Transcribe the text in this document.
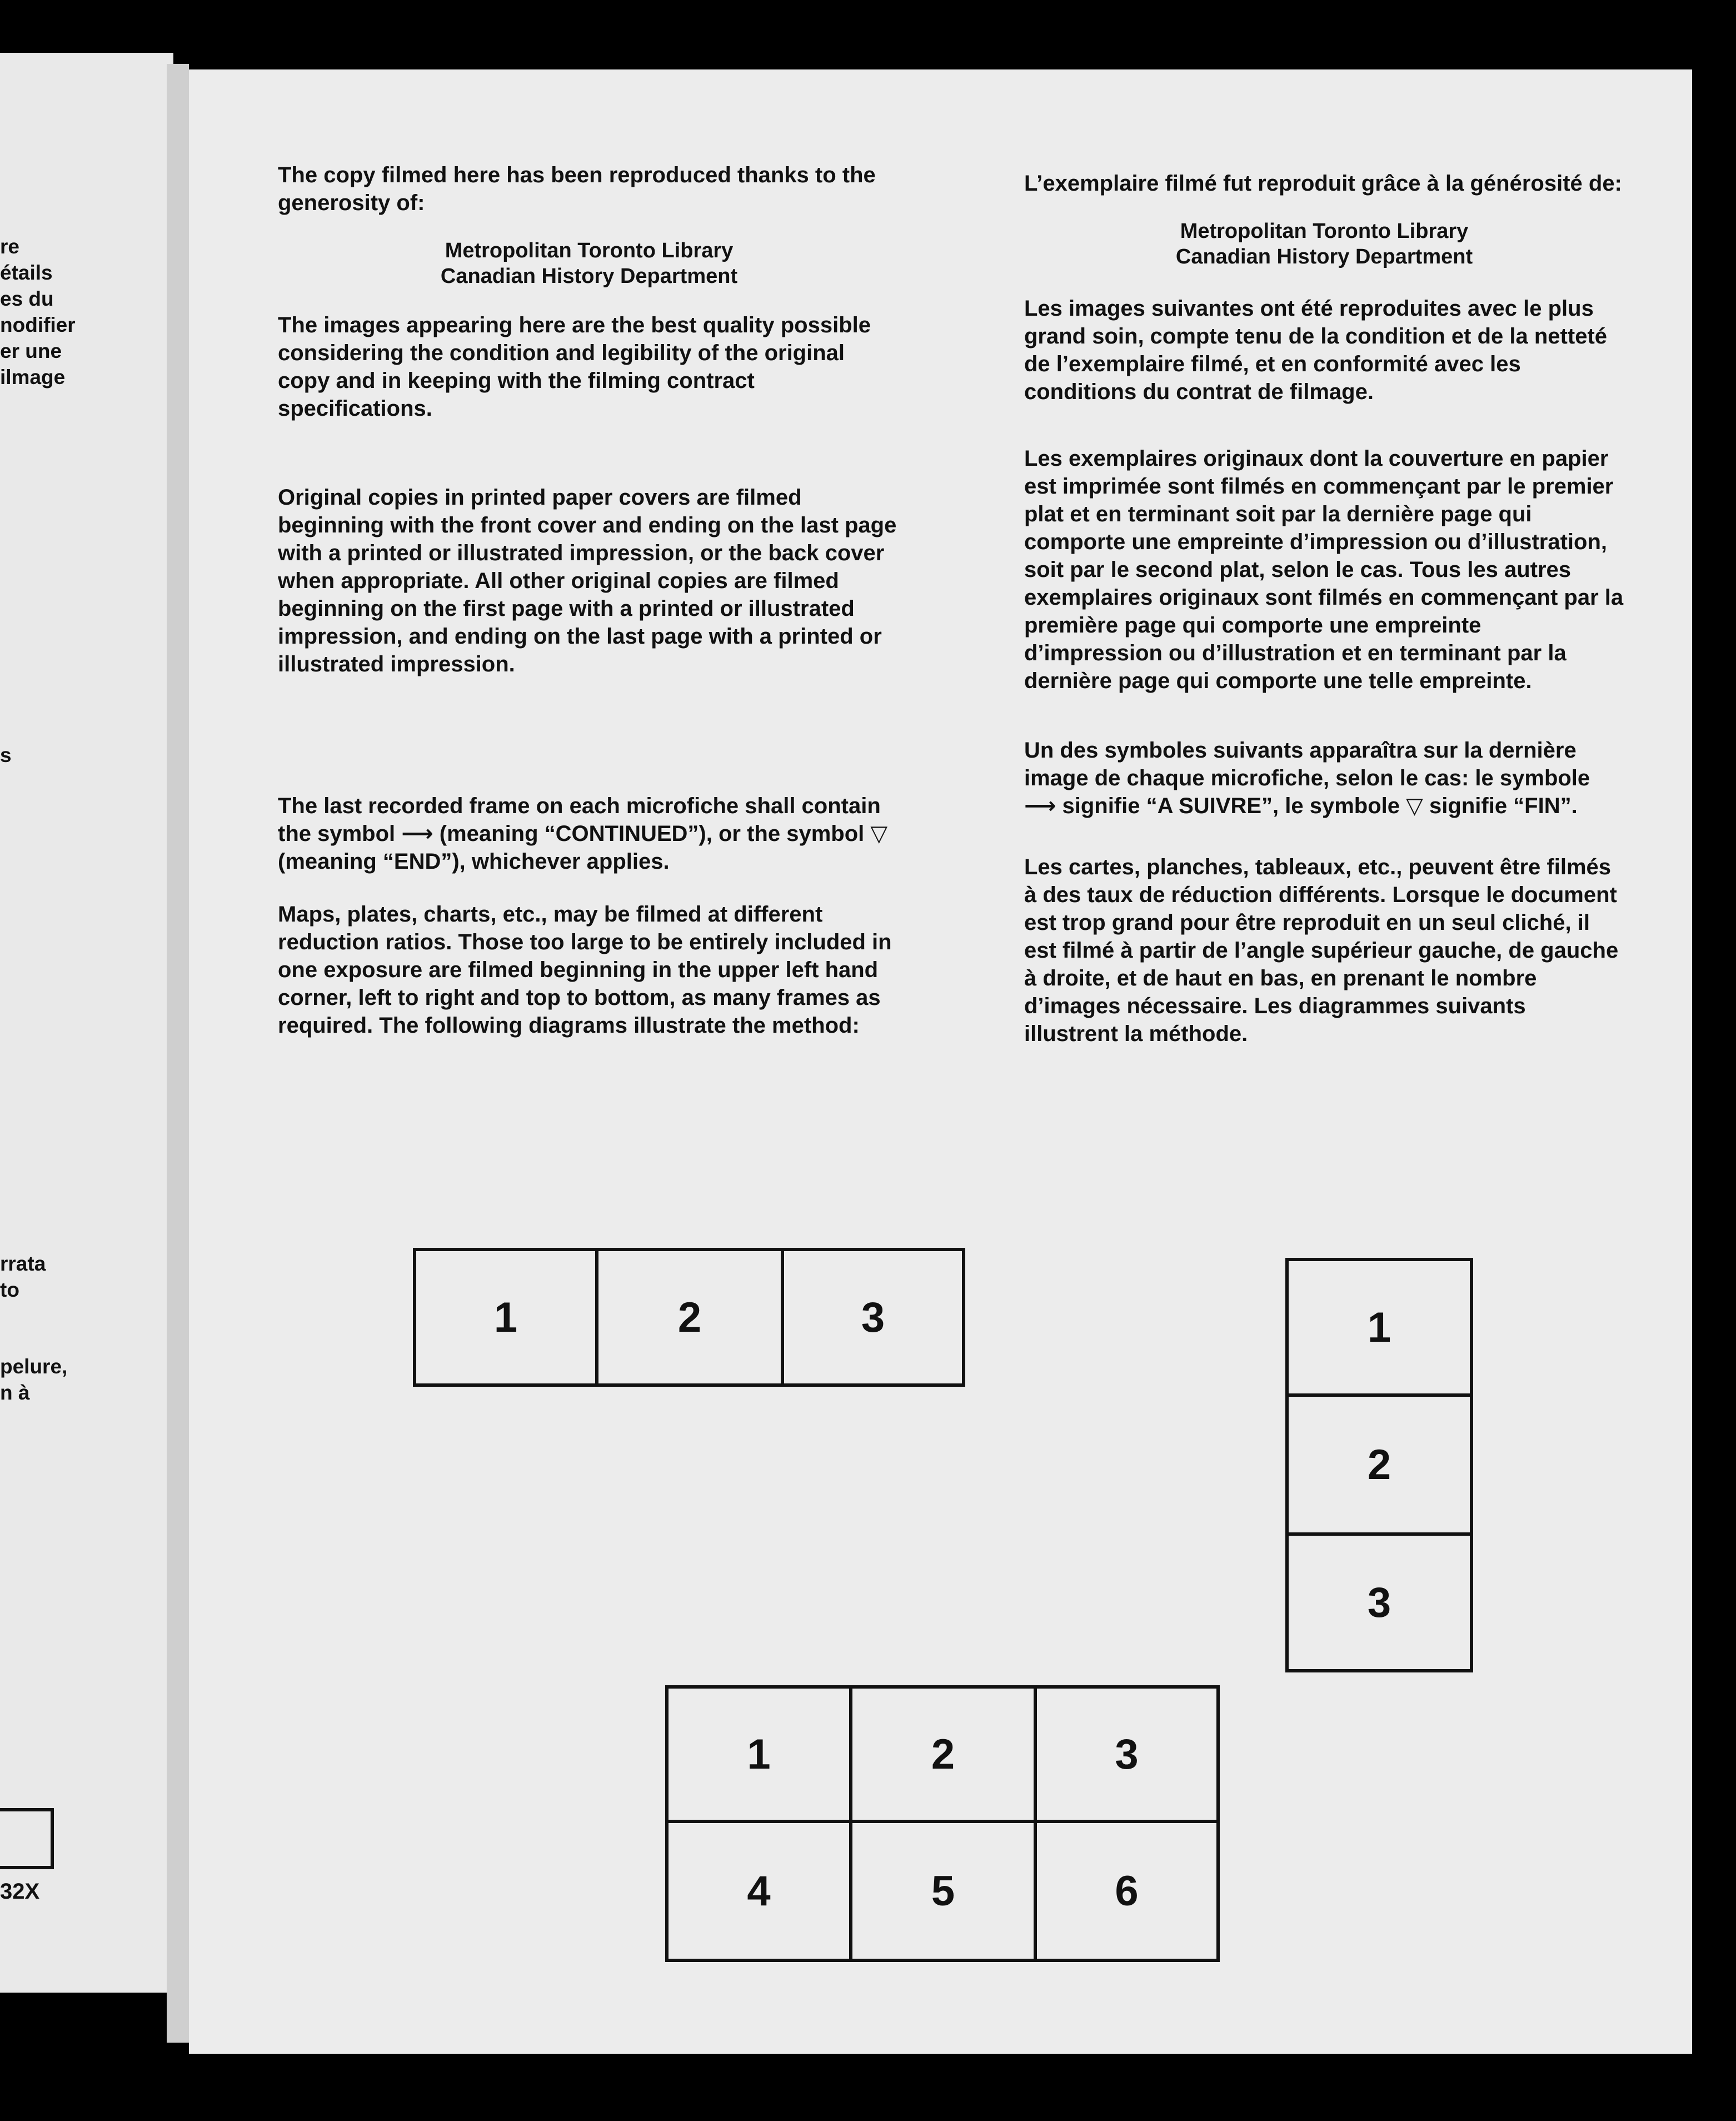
re
étails
es du
nodifier
er une
ilmage
s
rrata
to
pelure,
n à
32X

The copy filmed here has been reproduced thanks to the generosity of:

Metropolitan Toronto Library

Canadian History Department

The images appearing here are the best quality possible considering the condition and legibility of the original copy and in keeping with the filming contract specifications.

Original copies in printed paper covers are filmed beginning with the front cover and ending on the last page with a printed or illustrated impression, or the back cover when appropriate. All other original copies are filmed beginning on the first page with a printed or illustrated impression, and ending on the last page with a printed or illustrated impression.

The last recorded frame on each microfiche shall contain the symbol ⟶ (meaning “CONTINUED”), or the symbol ▽ (meaning “END”), whichever applies.

Maps, plates, charts, etc., may be filmed at different reduction ratios. Those too large to be entirely included in one exposure are filmed beginning in the upper left hand corner, left to right and top to bottom, as many frames as required. The following diagrams illustrate the method:

L’exemplaire filmé fut reproduit grâce à la générosité de:

Metropolitan Toronto Library

Canadian History Department

Les images suivantes ont été reproduites avec le plus grand soin, compte tenu de la condition et de la netteté de l’exemplaire filmé, et en conformité avec les conditions du contrat de filmage.

Les exemplaires originaux dont la couverture en papier est imprimée sont filmés en commençant par le premier plat et en terminant soit par la dernière page qui comporte une empreinte d’impression ou d’illustration, soit par le second plat, selon le cas. Tous les autres exemplaires originaux sont filmés en commençant par la première page qui comporte une empreinte d’impression ou d’illustration et en terminant par la dernière page qui comporte une telle empreinte.

Un des symboles suivants apparaîtra sur la dernière image de chaque microfiche, selon le cas: le symbole ⟶ signifie “A SUIVRE”, le symbole ▽ signifie “FIN”.

Les cartes, planches, tableaux, etc., peuvent être filmés à des taux de réduction différents. Lorsque le document est trop grand pour être reproduit en un seul cliché, il est filmé à partir de l’angle supérieur gauche, de gauche à droite, et de haut en bas, en prenant le nombre d’images nécessaire. Les diagrammes suivants illustrent la méthode.

1	2	3	1
2
3
1	2	3
4	5	6
